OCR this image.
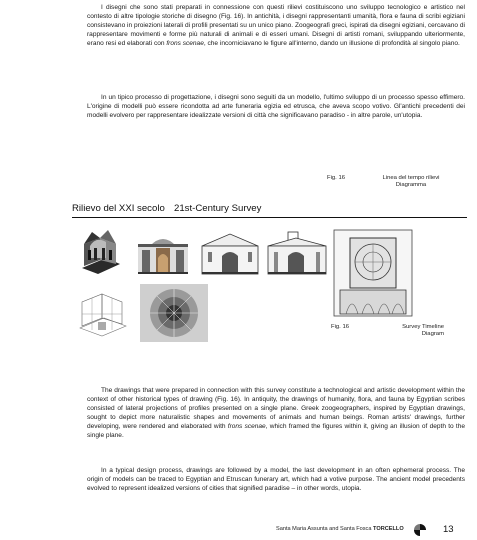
I disegni che sono stati preparati in connessione con questi rilievi costituiscono uno sviluppo tecnologico e artistico nel contesto di altre tipologie storiche di disegno (Fig. 16). In antichità, i disegni rappresentanti umanità, flora e fauna di scribi egiziani consistevano in proiezioni laterali di profili presentati su un unico piano. Zoogeografi greci, ispirati da disegni egiziani, cercavano di rappresentare movimenti e forme più naturali di animali e di esseri umani. Disegni di artisti romani, sviluppando ulteriormente, erano resi ed elaborati con frons scenae, che incorniciavano le figure all'interno, dando un illusione di profondità al singolo piano.

In un tipico processo di progettazione, i disegni sono seguiti da un modello, l'ultimo sviluppo di un processo spesso effimero. L'origine di modelli può essere ricondotta ad arte funeraria egizia ed etrusca, che aveva scopo votivo. Gl'antichi precedenti dei modelli evolvero per rappresentare idealizzate versioni di città che significavano paradiso - in altre parole, un'utopia.

Fig. 16	Linea del tempo rilievi
Diagramma
Rilievo del XXI secolo 21st-Century Survey
Fig. 16	Survey Timeline
Diagram

The drawings that were prepared in connection with this survey constitute a technological and artistic development within the context of other historical types of drawing (Fig. 16). In antiquity, the drawings of humanity, flora, and fauna by Egyptian scribes consisted of lateral projections of profiles presented on a single plane. Greek zoogeographers, inspired by Egyptian drawings, sought to depict more naturalistic shapes and movements of animals and human beings. Roman artists' drawings, further developing, were rendered and elaborated with frons scenae, which framed the figures within it, giving an illusion of depth to the single plane.

In a typical design process, drawings are followed by a model, the last development in an often ephemeral process. The origin of models can be traced to Egyptian and Etruscan funerary art, which had a votive purpose. The ancient model precedents evolved to represent idealized versions of cities that signified paradise – in other words, utopia.

Santa Maria Assunta and Santa Fosca TORCELLO	13
